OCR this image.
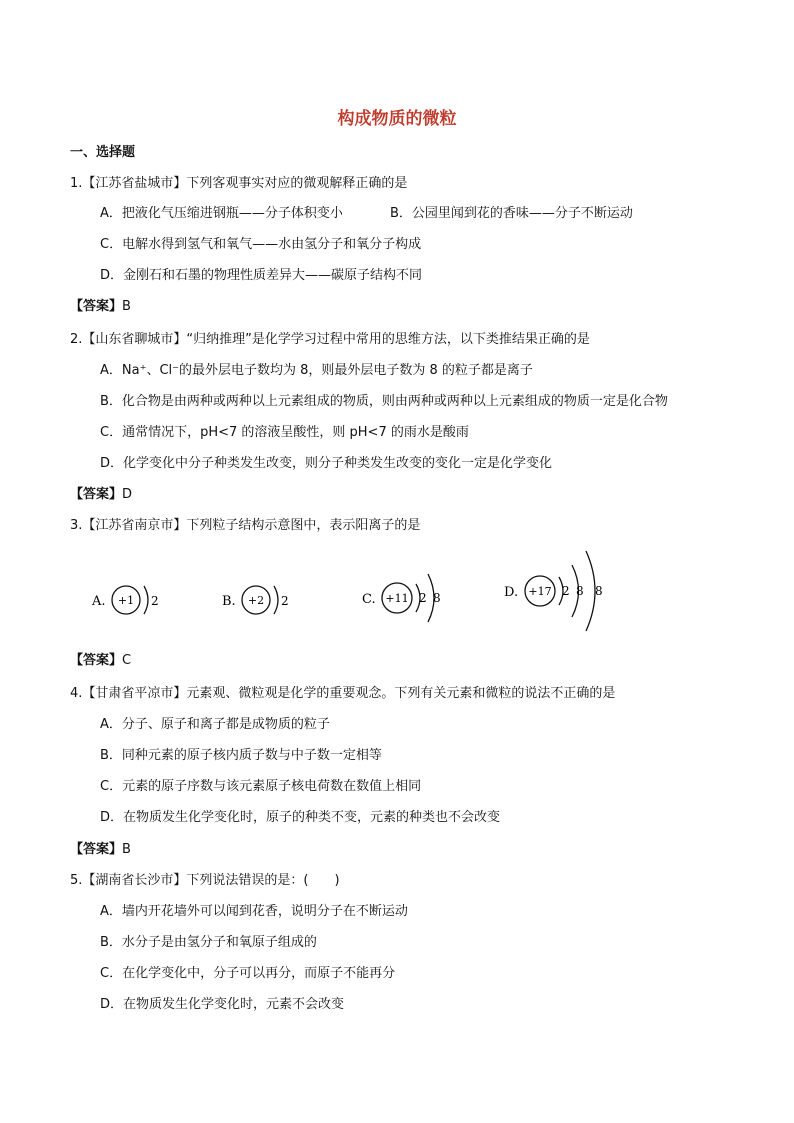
构成物质的微粒
一、选择题
1.【江苏省盐城市】下列客观事实对应的微观解释正确的是
A．把液化气压缩进钢瓶——分子体积变小	B．公园里闻到花的香味——分子不断运动
C．电解水得到氢气和氧气——水由氢分子和氧分子构成
D．金刚石和石墨的物理性质差异大——碳原子结构不同
【答案】B
2.【山东省聊城市】“归纳推理”是化学学习过程中常用的思维方法，以下类推结果正确的是
A．Na⁺、Cl⁻的最外层电子数均为 8，则最外层电子数为 8 的粒子都是离子
B．化合物是由两种或两种以上元素组成的物质，则由两种或两种以上元素组成的物质一定是化合物
C．通常情况下，pH<7 的溶液呈酸性，则 pH<7 的雨水是酸雨
D．化学变化中分子种类发生改变，则分子种类发生改变的变化一定是化学变化
【答案】D
3.【江苏省南京市】下列粒子结构示意图中，表示阳离子的是
A. +1 2	B. +2 2	C. +11 2 8	D. +17 2 8 8
【答案】C
4.【甘肃省平凉市】元素观、微粒观是化学的重要观念。下列有关元素和微粒的说法不正确的是
A．分子、原子和离子都是成物质的粒子
B．同种元素的原子核内质子数与中子数一定相等
C．元素的原子序数与该元素原子核电荷数在数值上相同
D．在物质发生化学变化时，原子的种类不变，元素的种类也不会改变
【答案】B
5.【湖南省长沙市】下列说法错误的是：(　　)
A．墙内开花墙外可以闻到花香，说明分子在不断运动
B．水分子是由氢分子和氧原子组成的
C．在化学变化中，分子可以再分，而原子不能再分
D．在物质发生化学变化时，元素不会改变
